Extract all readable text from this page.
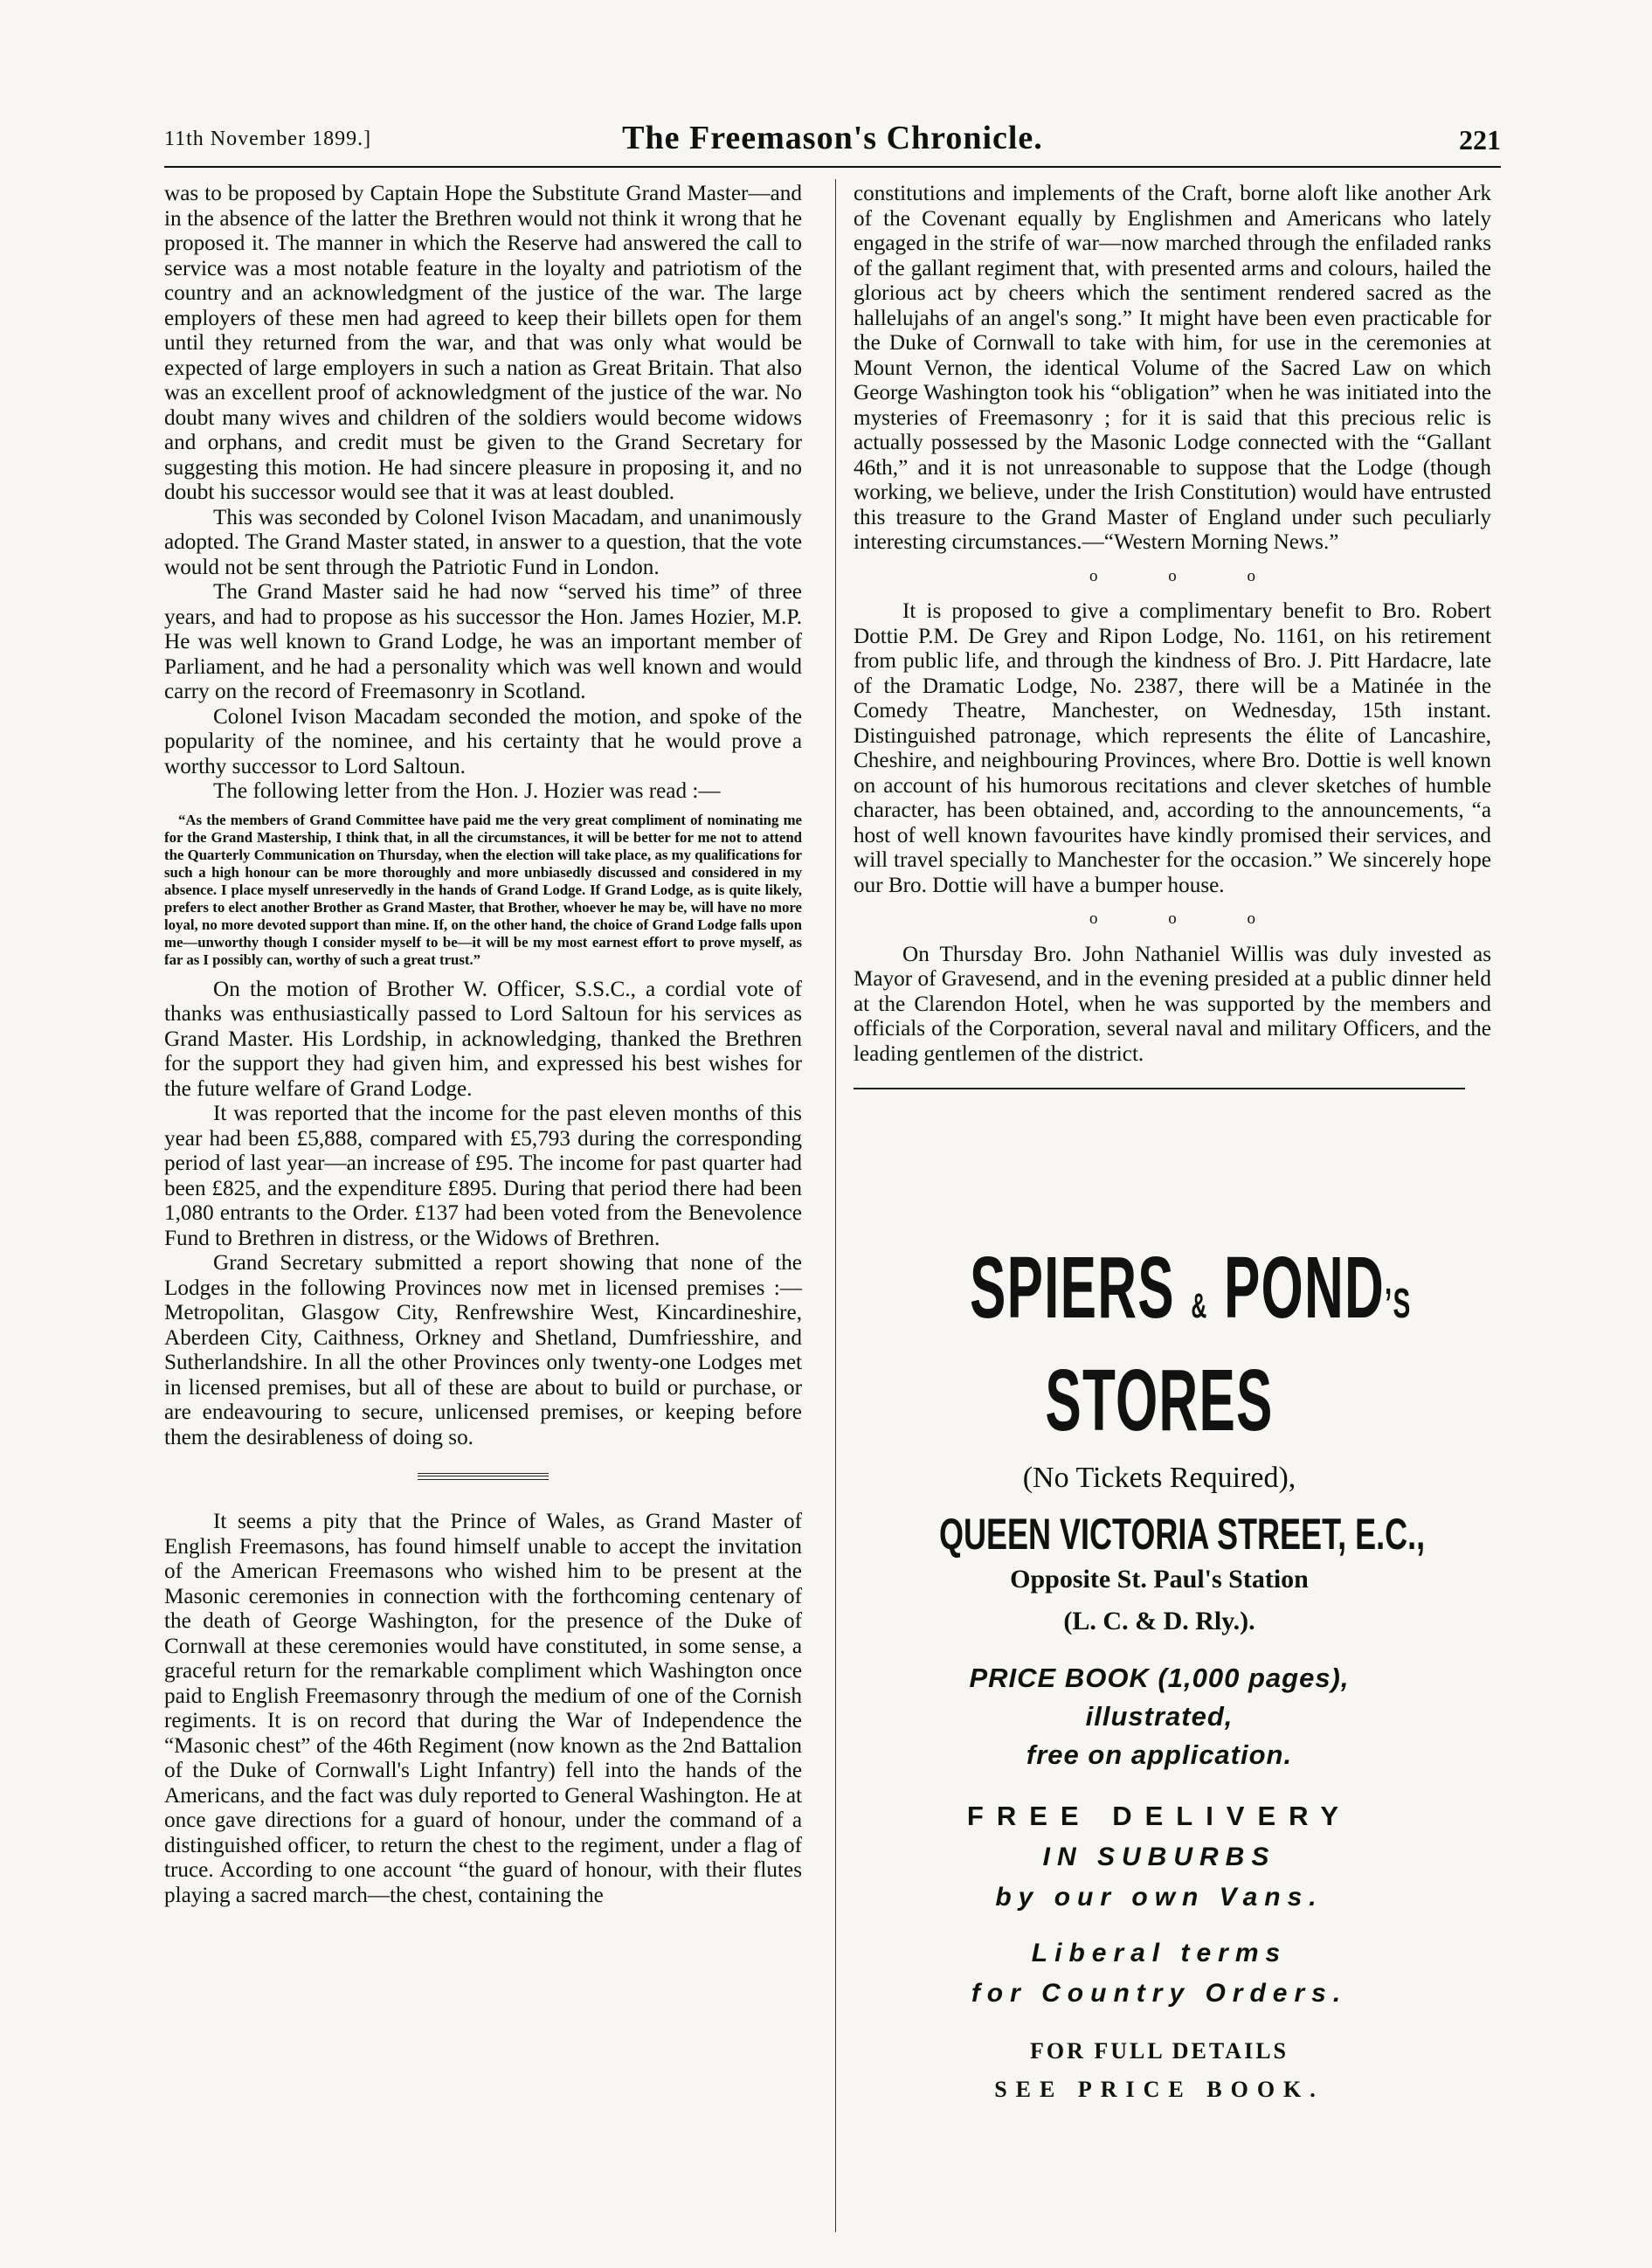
11th November 1899.]	The Freemason's Chronicle.	221

was to be proposed by Captain Hope the Substitute Grand Master—and in the absence of the latter the Brethren would not think it wrong that he proposed it. The manner in which the Reserve had answered the call to service was a most notable feature in the loyalty and patriotism of the country and an acknowledgment of the justice of the war. The large employers of these men had agreed to keep their billets open for them until they returned from the war, and that was only what would be expected of large employers in such a nation as Great Britain. That also was an excellent proof of acknowledgment of the justice of the war. No doubt many wives and children of the soldiers would become widows and orphans, and credit must be given to the Grand Secretary for suggesting this motion. He had sincere pleasure in proposing it, and no doubt his successor would see that it was at least doubled.

This was seconded by Colonel Ivison Macadam, and unanimously adopted. The Grand Master stated, in answer to a question, that the vote would not be sent through the Patriotic Fund in London.

The Grand Master said he had now “served his time” of three years, and had to propose as his successor the Hon. James Hozier, M.P. He was well known to Grand Lodge, he was an important member of Parliament, and he had a personality which was well known and would carry on the record of Freemasonry in Scotland.

Colonel Ivison Macadam seconded the motion, and spoke of the popularity of the nominee, and his certainty that he would prove a worthy successor to Lord Saltoun.

The following letter from the Hon. J. Hozier was read :—

“As the members of Grand Committee have paid me the very great compliment of nominating me for the Grand Mastership, I think that, in all the circumstances, it will be better for me not to attend the Quarterly Communication on Thursday, when the election will take place, as my qualifications for such a high honour can be more thoroughly and more unbiasedly discussed and considered in my absence. I place myself unreservedly in the hands of Grand Lodge. If Grand Lodge, as is quite likely, prefers to elect another Brother as Grand Master, that Brother, whoever he may be, will have no more loyal, no more devoted support than mine. If, on the other hand, the choice of Grand Lodge falls upon me—unworthy though I consider myself to be—it will be my most earnest effort to prove myself, as far as I possibly can, worthy of such a great trust.”

On the motion of Brother W. Officer, S.S.C., a cordial vote of thanks was enthusiastically passed to Lord Saltoun for his services as Grand Master. His Lordship, in acknowledging, thanked the Brethren for the support they had given him, and expressed his best wishes for the future welfare of Grand Lodge.

It was reported that the income for the past eleven months of this year had been £5,888, compared with £5,793 during the corresponding period of last year—an increase of £95. The income for past quarter had been £825, and the expenditure £895. During that period there had been 1,080 entrants to the Order. £137 had been voted from the Benevolence Fund to Brethren in distress, or the Widows of Brethren.

Grand Secretary submitted a report showing that none of the Lodges in the following Provinces now met in licensed premises :—Metropolitan, Glasgow City, Renfrewshire West, Kincardineshire, Aberdeen City, Caithness, Orkney and Shetland, Dumfriesshire, and Sutherlandshire. In all the other Provinces only twenty-one Lodges met in licensed premises, but all of these are about to build or purchase, or are endeavouring to secure, unlicensed premises, or keeping before them the desirableness of doing so.

It seems a pity that the Prince of Wales, as Grand Master of English Freemasons, has found himself unable to accept the invitation of the American Freemasons who wished him to be present at the Masonic ceremonies in connection with the forthcoming centenary of the death of George Washington, for the presence of the Duke of Cornwall at these ceremonies would have constituted, in some sense, a graceful return for the remarkable compliment which Washington once paid to English Freemasonry through the medium of one of the Cornish regiments. It is on record that during the War of Independence the “Masonic chest” of the 46th Regiment (now known as the 2nd Battalion of the Duke of Cornwall's Light Infantry) fell into the hands of the Americans, and the fact was duly reported to General Washington. He at once gave directions for a guard of honour, under the command of a distinguished officer, to return the chest to the regiment, under a flag of truce. According to one account “the guard of honour, with their flutes playing a sacred march—the chest, containing the

constitutions and implements of the Craft, borne aloft like another Ark of the Covenant equally by Englishmen and Americans who lately engaged in the strife of war—now marched through the enfiladed ranks of the gallant regiment that, with presented arms and colours, hailed the glorious act by cheers which the sentiment rendered sacred as the hallelujahs of an angel's song.” It might have been even practicable for the Duke of Cornwall to take with him, for use in the ceremonies at Mount Vernon, the identical Volume of the Sacred Law on which George Washington took his “obligation” when he was initiated into the mysteries of Freemasonry ; for it is said that this precious relic is actually possessed by the Masonic Lodge connected with the “Gallant 46th,” and it is not unreasonable to suppose that the Lodge (though working, we believe, under the Irish Constitution) would have entrusted this treasure to the Grand Master of England under such peculiarly interesting circumstances.—“Western Morning News.”

o o o

It is proposed to give a complimentary benefit to Bro. Robert Dottie P.M. De Grey and Ripon Lodge, No. 1161, on his retirement from public life, and through the kindness of Bro. J. Pitt Hardacre, late of the Dramatic Lodge, No. 2387, there will be a Matinée in the Comedy Theatre, Manchester, on Wednesday, 15th instant. Distinguished patronage, which represents the élite of Lancashire, Cheshire, and neighbouring Provinces, where Bro. Dottie is well known on account of his humorous recitations and clever sketches of humble character, has been obtained, and, according to the announcements, “a host of well known favourites have kindly promised their services, and will travel specially to Manchester for the occasion.” We sincerely hope our Bro. Dottie will have a bumper house.

o o o

On Thursday Bro. John Nathaniel Willis was duly invested as Mayor of Gravesend, and in the evening presided at a public dinner held at the Clarendon Hotel, when he was supported by the members and officials of the Corporation, several naval and military Officers, and the leading gentlemen of the district.

SPIERS & POND’S
STORES
(No Tickets Required),
QUEEN VICTORIA STREET, E.C.,
Opposite St. Paul's Station
(L. C. & D. Rly.).
PRICE BOOK (1,000 pages),
illustrated,
free on application.
FREE DELIVERY
IN SUBURBS
by our own Vans.
Liberal terms
for Country Orders.
FOR FULL DETAILS
SEE PRICE BOOK.
